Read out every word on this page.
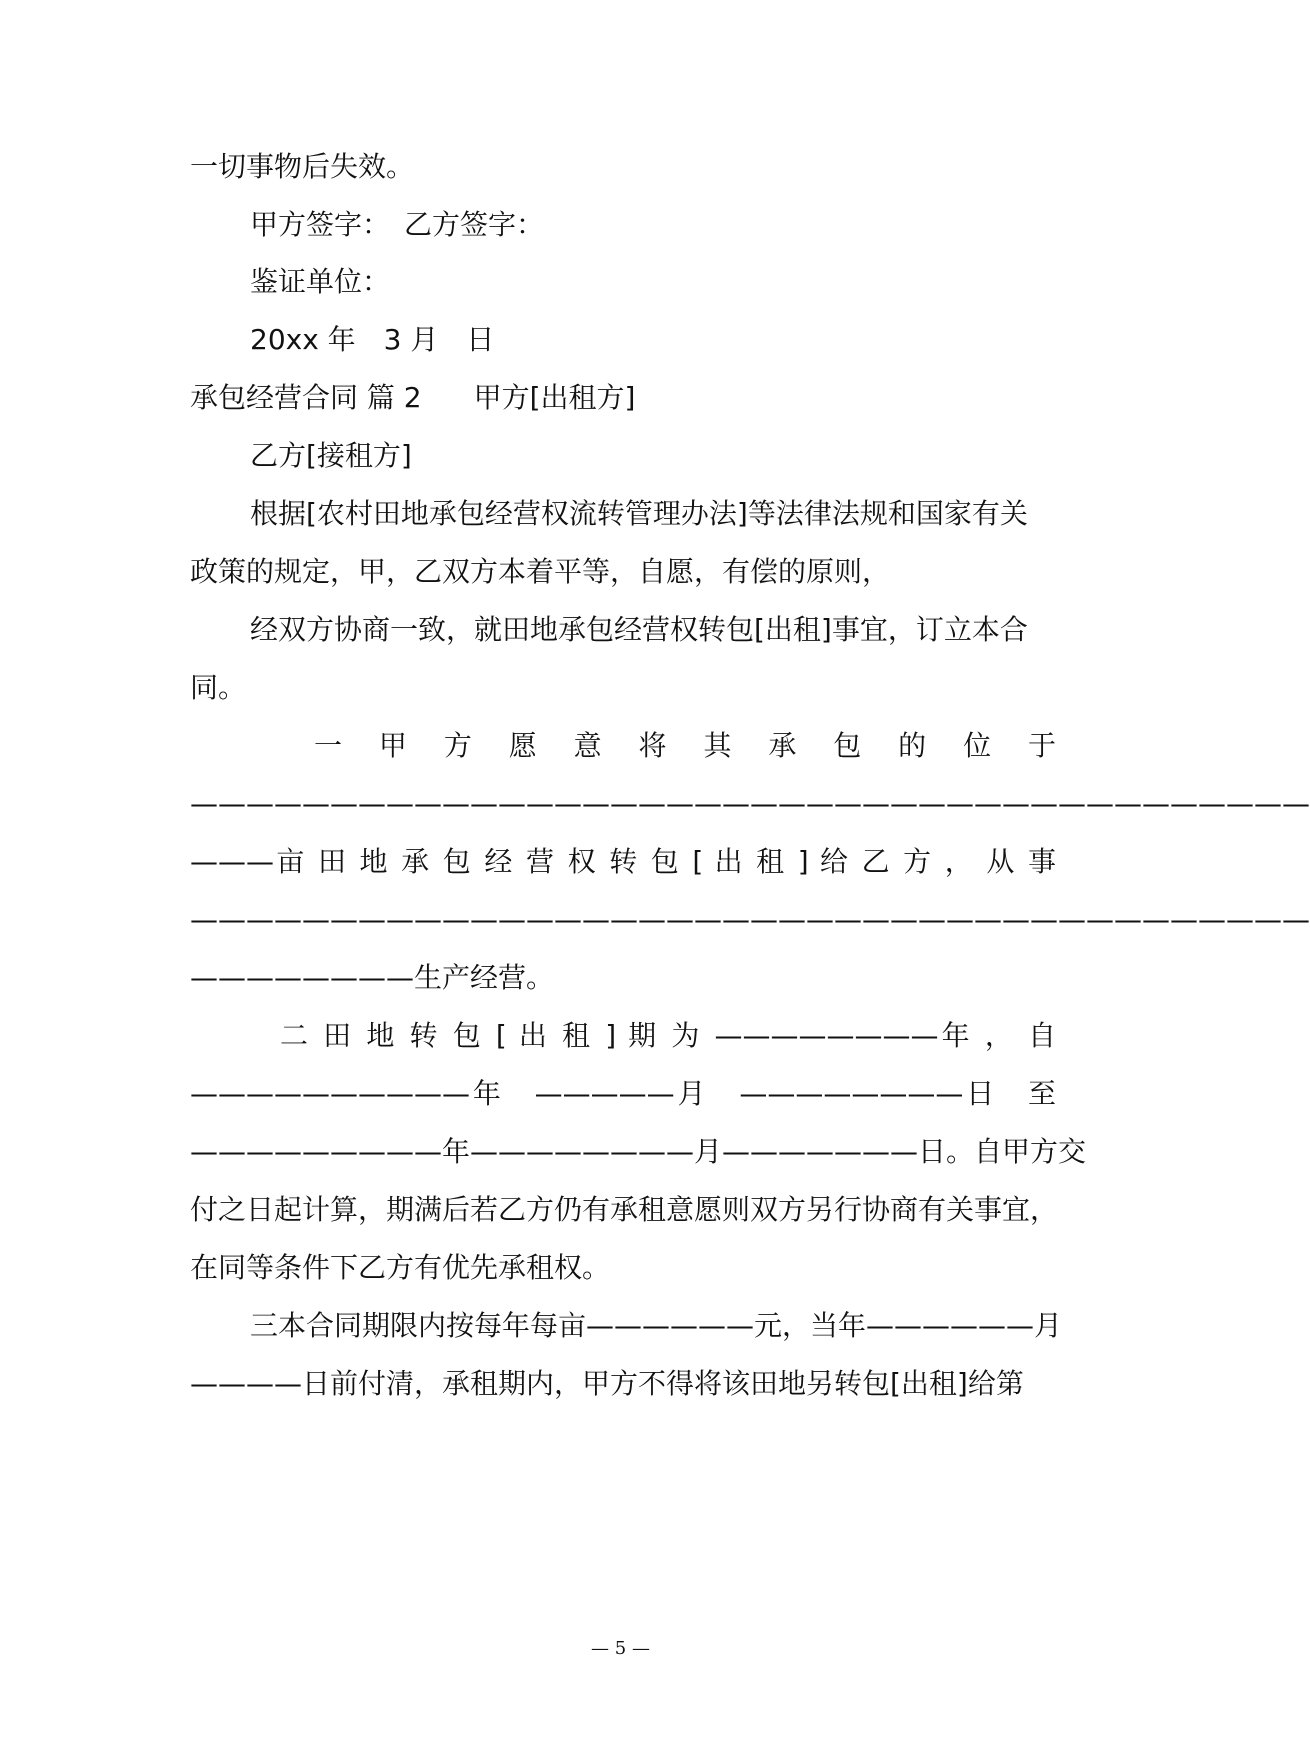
一切事物后失效。
甲方签字：　乙方签字：
鉴证单位：
20xx 年　3 月　日
承包经营合同 篇 2 甲方[出租方]
乙方[接租方]
根据[农村田地承包经营权流转管理办法]等法律法规和国家有关
政策的规定，甲，乙双方本着平等，自愿，有偿的原则，
经双方协商一致，就田地承包经营权转包[出租]事宜，订立本合
同。
一 甲 方 愿 意 将 其 承 包 的 位 于
————————————————————————————————————————
———亩 田 地 承 包 经 营 权 转 包 [ 出 租 ] 给 乙 方 ， 从 事
————————————————————————————————————————
————————生产经营。
二 田 地 转 包 [ 出 租 ] 期 为 ————————年 ， 自
——————————年　—————月　————————日　至
—————————年————————月———————日。自甲方交
付之日起计算，期满后若乙方仍有承租意愿则双方另行协商有关事宜，
在同等条件下乙方有优先承租权。
三本合同期限内按每年每亩——————元，当年——————月
————日前付清，承租期内，甲方不得将该田地另转包[出租]给第
— 5 —
